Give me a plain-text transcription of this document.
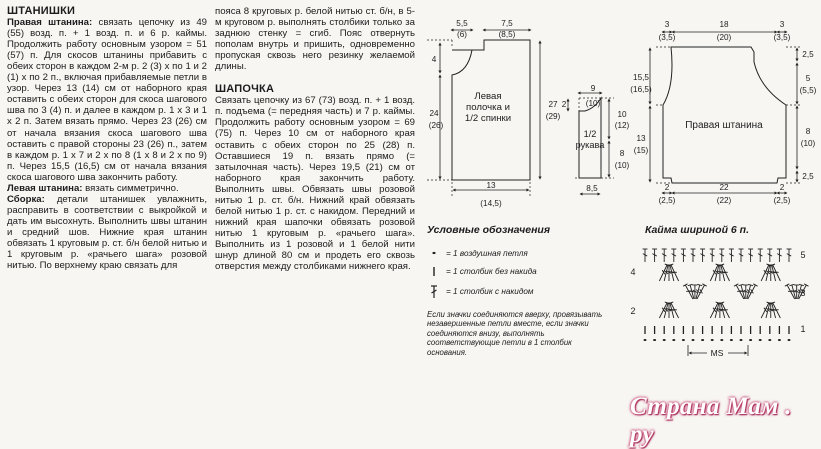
ШТАНИШКИ

Правая штанина: связать цепочку из 49 (55) возд. п. + 1 возд. п. и 6 р. каймы. Продолжить работу основным узором = 51 (57) п. Для скосов штанины прибавить с обеих сторон в каждом 2-м р. 2 (3) х по 1 и 2 (1) х по 2 п., включая прибавляемые петли в узор. Через 13 (14) см от наборного края оставить с обеих сторон для скоса шагового шва по 3 (4) п. и далее в каждом р. 1 х 3 и 1 х 2 п. Затем вязать прямо. Через 23 (26) см от начала вязания скоса шагового шва оставить с правой стороны 23 (26) п., затем в каждом р. 1 х 7 и 2 х по 8 (1 х 8 и 2 х по 9) п. Через 15,5 (16,5) см от начала вязания скоса шагового шва закончить работу.

Левая штанина: вязать симметрично.

Сборка: детали штанишек увлажнить, расправить в соответствии с выкройкой и дать им высохнуть. Выполнить швы штанин и средний шов. Нижние края штанин обвязать 1 круговым р. ст. б/н белой нитью и 1 круговым р. «рачьего шага» розовой нитью. По верхнему краю связать для

пояса 8 круговых р. белой нитью ст. б/н, в 5-м круговом р. выполнять столбики только за заднюю стенку = сгиб. Пояс отвернуть пополам внутрь и пришить, одновременно пропуская сквозь него резинку желаемой длины.

ШАПОЧКА

Связать цепочку из 67 (73) возд. п. + 1 возд. п. подъема (= передняя часть) и 7 р. каймы. Продолжить работу основным узором = 69 (75) п. Через 10 см от наборного края оставить с обеих сторон по 25 (28) п. Оставшиеся 19 п. вязать прямо (= затылочная часть). Через 19,5 (21) см от наборного края закончить работу. Выполнить швы. Обвязать швы розовой нитью 1 р. ст. б/н. Нижний край обвязать белой нитью 1 р. ст. с накидом. Передний и нижний края шапочки обвязать розовой нитью 1 круговым р. «рачьего шага». Выполнить из 1 розовой и 1 белой нити шнур длиной 80 см и продеть его сквозь отверстия между столбиками нижнего края.

Левая
полочка и
1/2 спинки
5,5
(6)
7,5
(8,5)
4
24
(26)
27
(29)
13
(14,5)
1/2
рукава
9
(10)
2
10
(12)
8
(10)
8,5
Правая штанина
3
(3,5)
18
(20)
3
(3,5)
15,5
(16,5)
13
(15)
2,5
5
(5,5)
8
(10)
2,5
2
(2,5)
22
(22)
2
(2,5)
5
4
3
2
1
MS
Условные обозначения
= 1 воздушная петля
= 1 столбик без накида
= 1 столбик с накидом
Если значки соединяются вверху, провязывать незавершенные петли вместе, если значки соединяются внизу, выполнять соответствующие петли в 1 столбик основания.
Кайма шириной 6 п.
Страна Мам . ру
